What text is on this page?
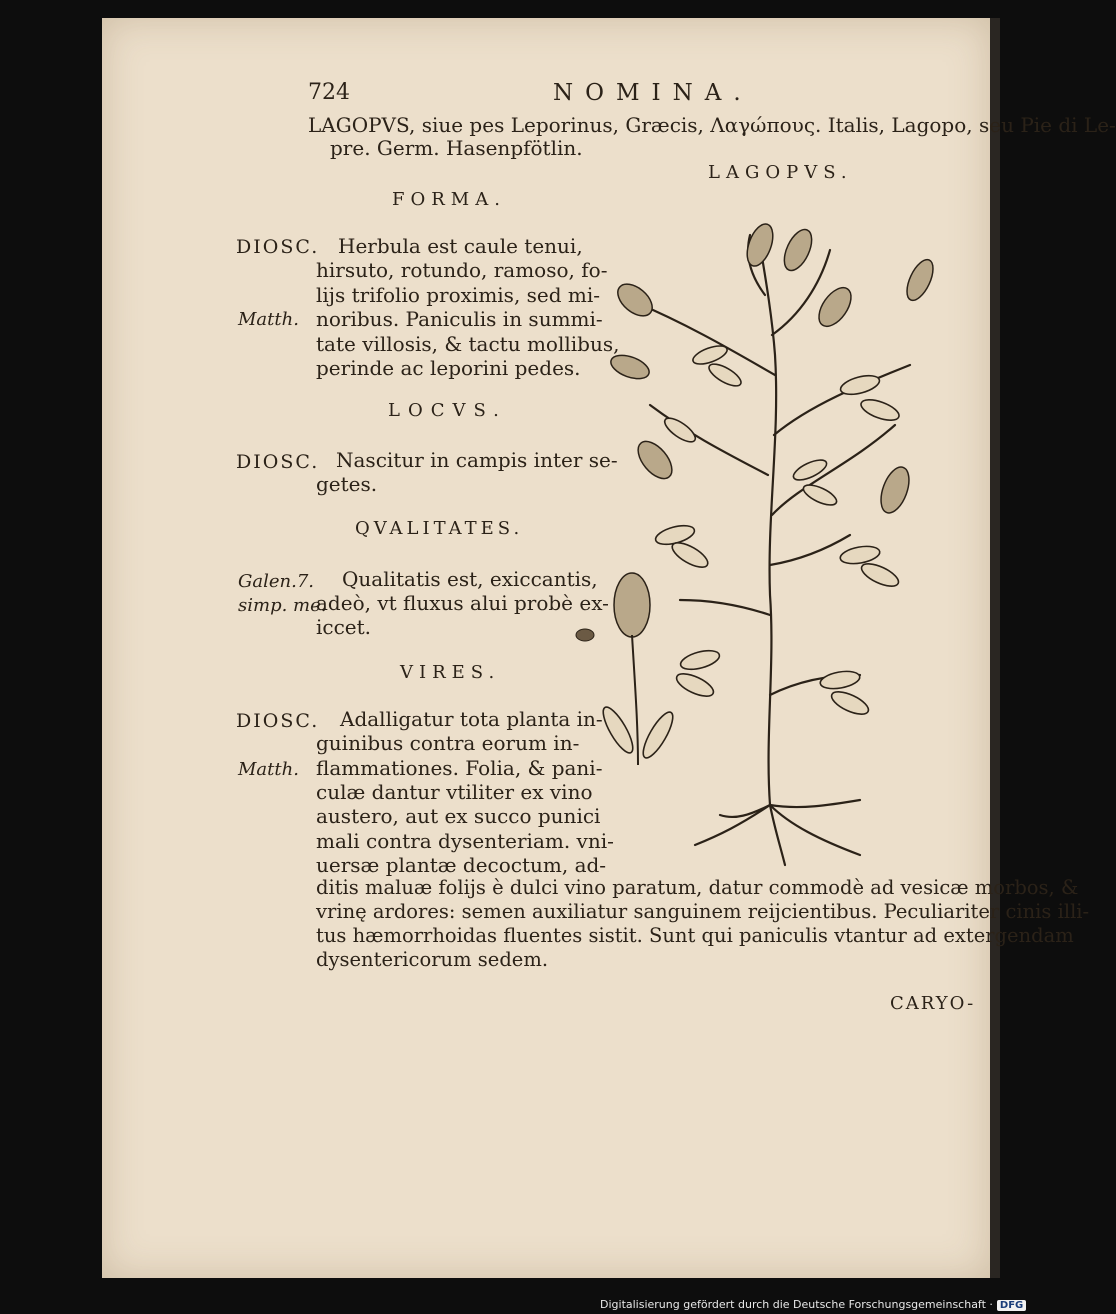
724	NOMINA.
LAGOPVS, siue pes Leporinus, Græcis, Λαγώπους. Italis, Lagopo, seu Pie di Le-
pre. Germ. Hasenpfötlin.
LAGOPVS.
FORMA.
DIOSC.
Matth.
Herbula est caule tenui,
hirsuto, rotundo, ramoso, fo-
lijs trifolio proximis, sed mi-
noribus. Paniculis in summi-
tate villosis, & tactu mollibus,
perinde ac leporini pedes.
LOCVS.
DIOSC. Nascitur in campis inter se-
getes.
QVALITATES.
Galen.7.
simp. me.
Qualitatis est, exiccantis,
adeò, vt fluxus alui probè ex-
iccet.
VIRES.
DIOSC.
Matth.
Adalligatur tota planta in-
guinibus contra eorum in-
flammationes. Folia, & pani-
culæ dantur vtiliter ex vino
austero, aut ex succo punici
mali contra dysenteriam. vni-
uersæ plantæ decoctum, ad-
ditis maluæ folijs è dulci vino paratum, datur commodè ad vesicæ morbos, &
vrinę ardores: semen auxiliatur sanguinem reijcientibus. Peculiariter cinis illi-
tus hæmorrhoidas fluentes sistit. Sunt qui paniculis vtantur ad extergendam
dysentericorum sedem.
CARYO-
Digitalisierung gefördert durch die Deutsche Forschungsgemeinschaft · DFG
